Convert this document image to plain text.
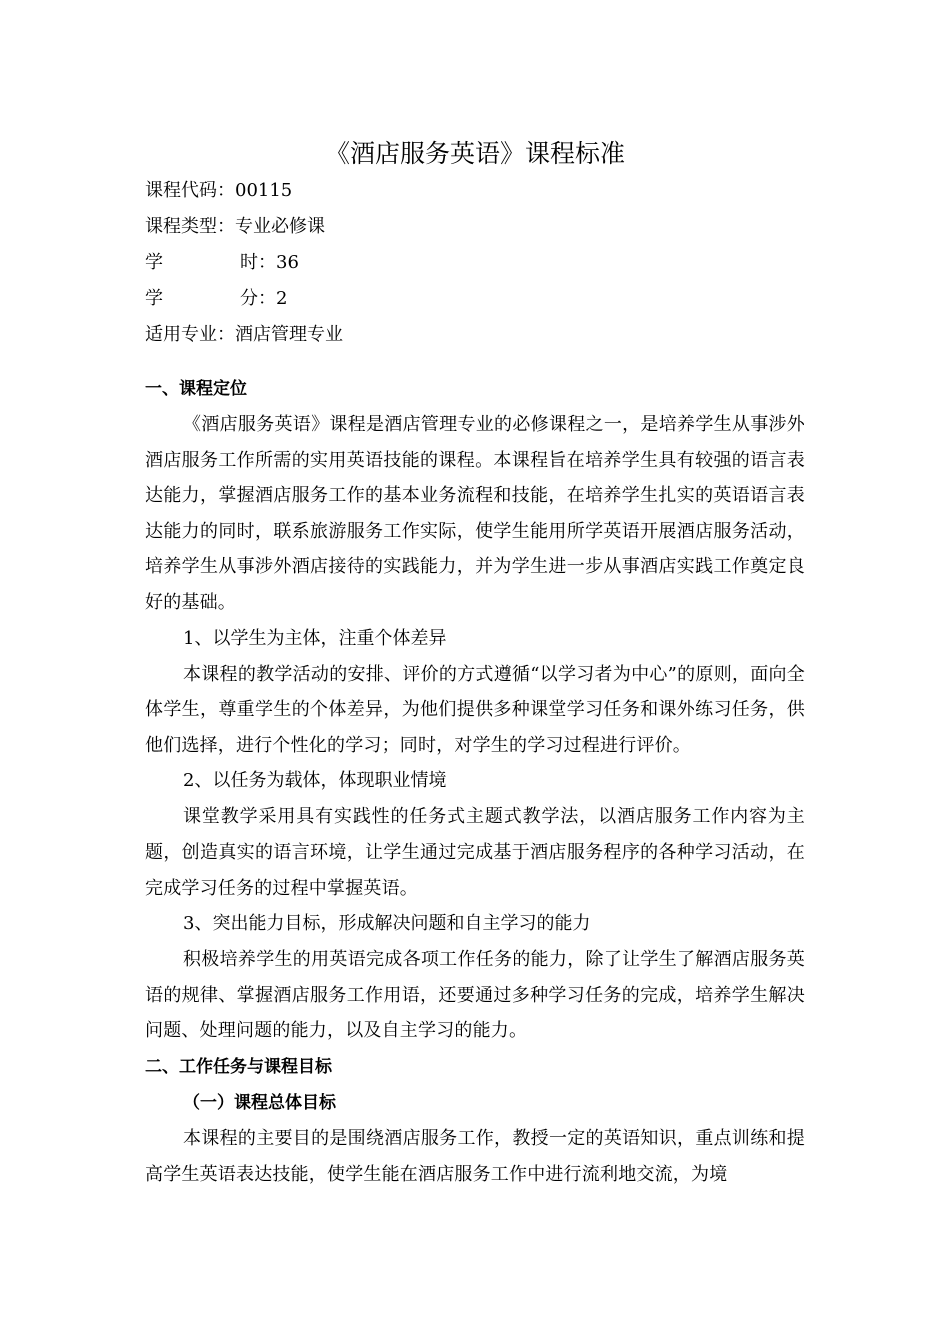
《酒店服务英语》课程标准
课程代码：00115
课程类型：专业必修课
学	时：36
学	分：2
适用专业：酒店管理专业
一、课程定位

《酒店服务英语》课程是酒店管理专业的必修课程之一，是培养学生从事涉外酒店服务工作所需的实用英语技能的课程。本课程旨在培养学生具有较强的语言表达能力，掌握酒店服务工作的基本业务流程和技能，在培养学生扎实的英语语言表达能力的同时，联系旅游服务工作实际，使学生能用所学英语开展酒店服务活动，培养学生从事涉外酒店接待的实践能力，并为学生进一步从事酒店实践工作奠定良好的基础。

1、以学生为主体，注重个体差异

本课程的教学活动的安排、评价的方式遵循“以学习者为中心”的原则，面向全体学生，尊重学生的个体差异，为他们提供多种课堂学习任务和课外练习任务，供他们选择，进行个性化的学习；同时，对学生的学习过程进行评价。

2、以任务为载体，体现职业情境

课堂教学采用具有实践性的任务式主题式教学法，以酒店服务工作内容为主题，创造真实的语言环境，让学生通过完成基于酒店服务程序的各种学习活动，在完成学习任务的过程中掌握英语。

3、突出能力目标，形成解决问题和自主学习的能力

积极培养学生的用英语完成各项工作任务的能力，除了让学生了解酒店服务英语的规律、掌握酒店服务工作用语，还要通过多种学习任务的完成，培养学生解决问题、处理问题的能力，以及自主学习的能力。

二、工作任务与课程目标
（一）课程总体目标

本课程的主要目的是围绕酒店服务工作，教授一定的英语知识，重点训练和提高学生英语表达技能，使学生能在酒店服务工作中进行流利地交流，为境
